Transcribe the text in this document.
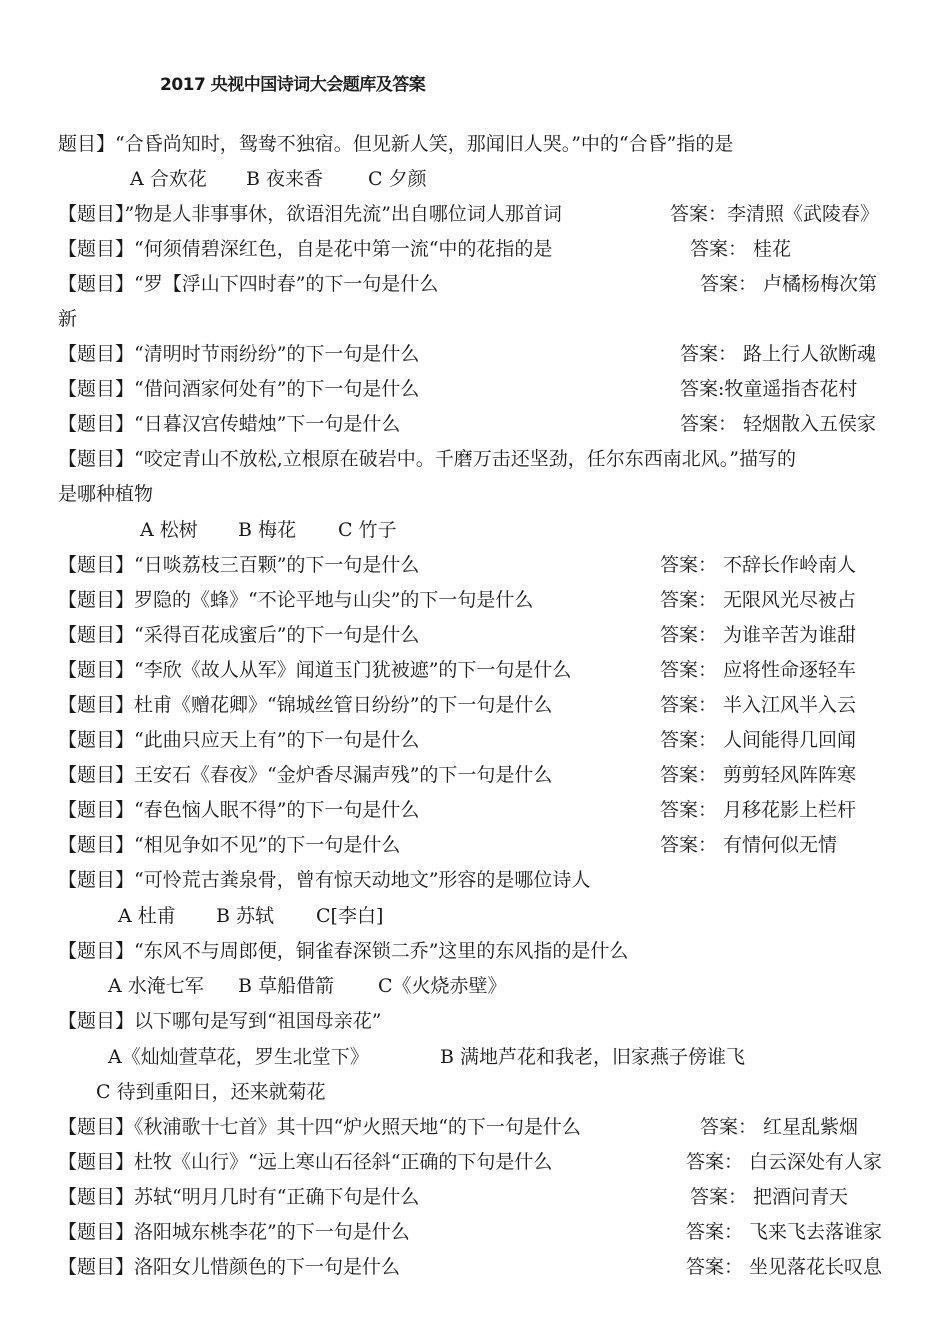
2017 央视中国诗词大会题库及答案
题目】“合昏尚知时，鸳鸯不独宿。但见新人笑，那闻旧人哭。”中的“合昏”指的是
A 合欢花 B 夜来香 C 夕颜
【题目】”物是人非事事休，欲语泪先流”出自哪位词人那首词	答案：李清照《武陵春》
【题目】“何须倩碧深红色，自是花中第一流“中的花指的是	答案： 桂花
【题目】“罗【浮山下四时春”的下一句是什么	答案： 卢橘杨梅次第
新
【题目】“清明时节雨纷纷”的下一句是什么	答案： 路上行人欲断魂
【题目】“借问酒家何处有”的下一句是什么	答案:牧童遥指杏花村
【题目】“日暮汉宫传蜡烛”下一句是什么	答案： 轻烟散入五侯家
【题目】“咬定青山不放松,立根原在破岩中。千磨万击还坚劲，任尔东西南北风。”描写的
是哪种植物
A 松树 B 梅花 C 竹子
【题目】“日啖荔枝三百颗”的下一句是什么	答案： 不辞长作岭南人
【题目】罗隐的《蜂》“不论平地与山尖”的下一句是什么	答案： 无限风光尽被占
【题目】“采得百花成蜜后”的下一句是什么	答案： 为谁辛苦为谁甜
【题目】“李欣《故人从军》闻道玉门犹被遮”的下一句是什么	答案： 应将性命逐轻车
【题目】杜甫《赠花卿》“锦城丝管日纷纷”的下一句是什么	答案： 半入江风半入云
【题目】“此曲只应天上有”的下一句是什么	答案： 人间能得几回闻
【题目】王安石《春夜》“金炉香尽漏声残”的下一句是什么	答案： 剪剪轻风阵阵寒
【题目】“春色恼人眠不得”的下一句是什么	答案： 月移花影上栏杆
【题目】“相见争如不见”的下一句是什么	答案： 有情何似无情
【题目】“可怜荒古粪泉骨，曾有惊天动地文”形容的是哪位诗人
A 杜甫 B 苏轼 C[李白]
【题目】“东风不与周郎便，铜雀春深锁二乔”这里的东风指的是什么
A 水淹七军 B 草船借箭 C《火烧赤壁》
【题目】以下哪句是写到“祖国母亲花”
A《灿灿萱草花，罗生北堂下》	B 满地芦花和我老，旧家燕子傍谁飞
C 待到重阳日，还来就菊花
【题目】《秋浦歌十七首》其十四“炉火照天地“的下一句是什么	答案： 红星乱紫烟
【题目】杜牧《山行》“远上寒山石径斜“正确的下句是什么	答案： 白云深处有人家
【题目】苏轼“明月几时有“正确下句是什么	答案： 把酒问青天
【题目】洛阳城东桃李花”的下一句是什么	答案： 飞来飞去落谁家
【题目】洛阳女儿惜颜色的下一句是什么	答案： 坐见落花长叹息
